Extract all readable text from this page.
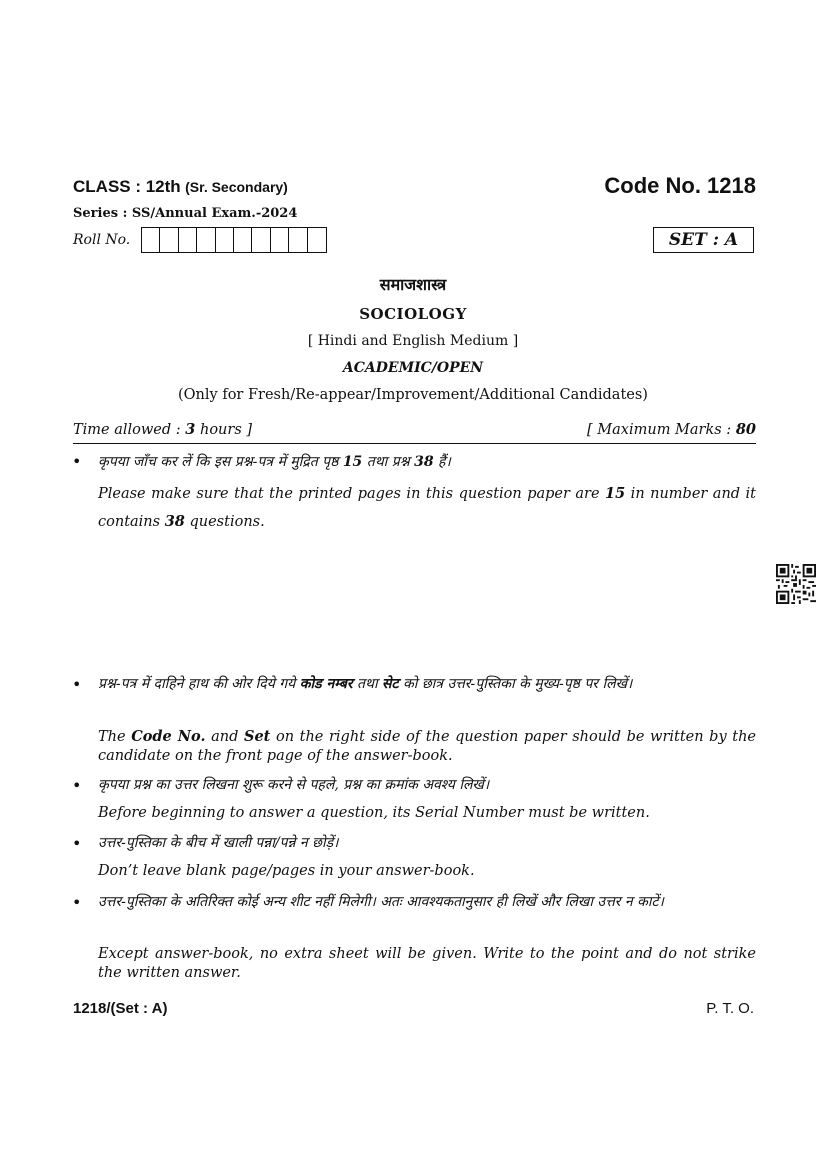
CLASS : 12th (Sr. Secondary)	Code No. 1218
Series : SS/Annual Exam.-2024
Roll No.	SET : A
समाजशास्त्र
SOCIOLOGY
[ Hindi and English Medium ]
ACADEMIC/OPEN
(Only for Fresh/Re-appear/Improvement/Additional Candidates)
Time allowed : 3 hours ]	[ Maximum Marks : 80
• कृपया जाँच कर लें कि इस प्रश्न-पत्र में मुद्रित पृष्ठ 15 तथा प्रश्न 38 हैं।
Please make sure that the printed pages in this question paper are 15 in number and it contains 38 questions.
• प्रश्न-पत्र में दाहिने हाथ की ओर दिये गये कोड नम्बर तथा सेट को छात्र उत्तर-पुस्तिका के मुख्य-पृष्ठ पर लिखें।
The Code No. and Set on the right side of the question paper should be written by the candidate on the front page of the answer-book.
• कृपया प्रश्न का उत्तर लिखना शुरू करने से पहले, प्रश्न का क्रमांक अवश्य लिखें।
Before beginning to answer a question, its Serial Number must be written.
• उत्तर-पुस्तिका के बीच में खाली पन्ना/पन्ने न छोड़ें।
Don’t leave blank page/pages in your answer-book.
• उत्तर-पुस्तिका के अतिरिक्त कोई अन्य शीट नहीं मिलेगी। अतः आवश्यकतानुसार ही लिखें और लिखा उत्तर न काटें।
Except answer-book, no extra sheet will be given. Write to the point and do not strike the written answer.
1218/(Set : A)	P. T. O.
